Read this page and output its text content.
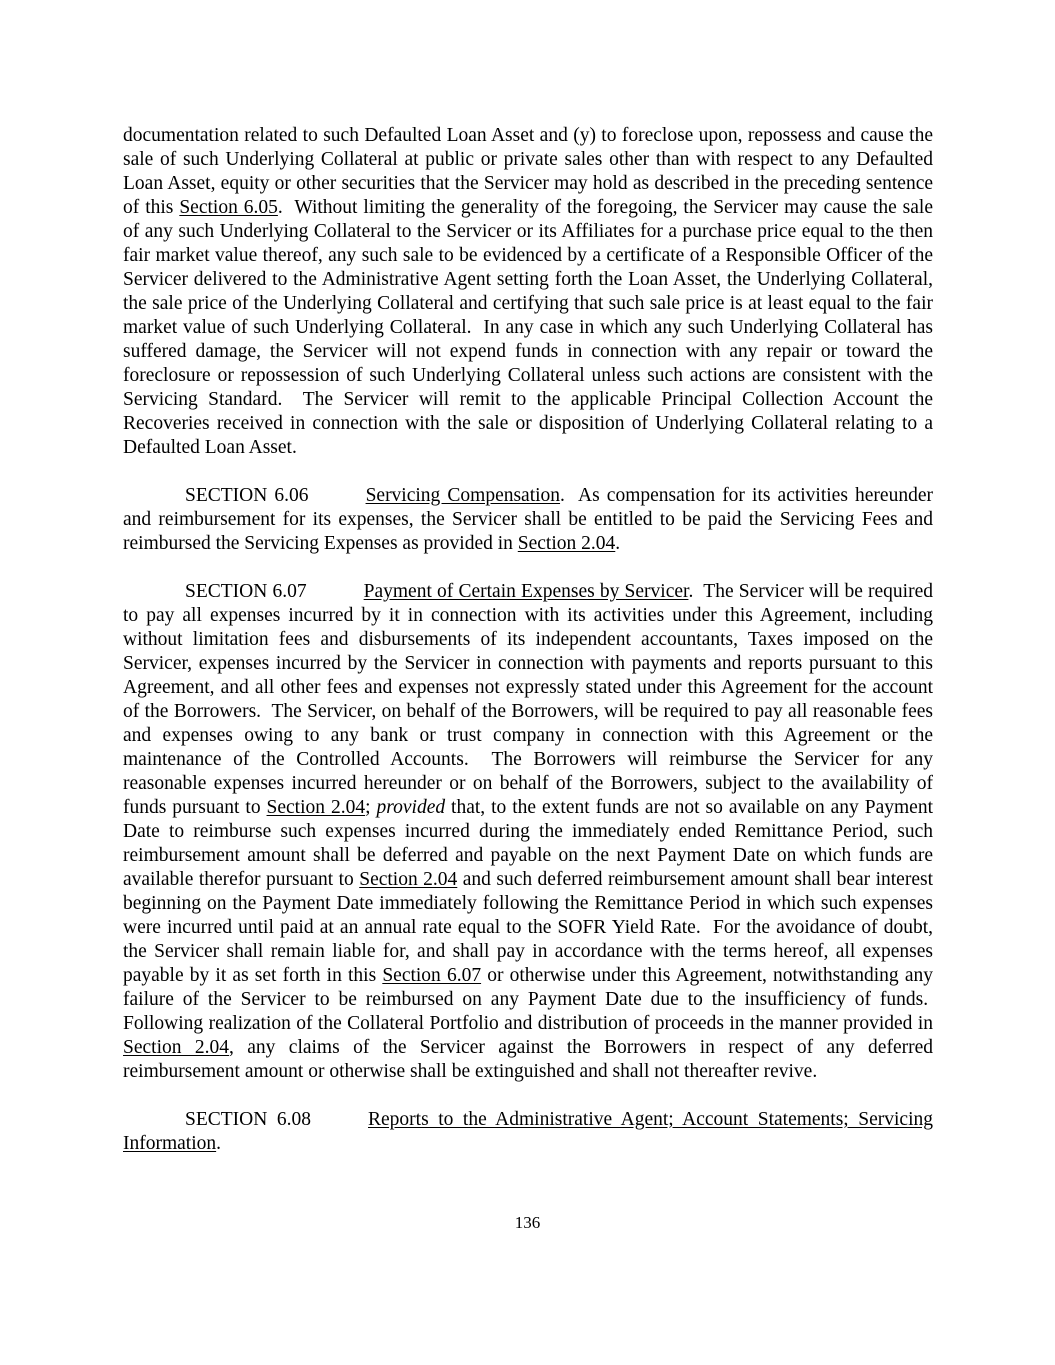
documentation related to such Defaulted Loan Asset and (y) to foreclose upon, repossess and cause the sale of such Underlying Collateral at public or private sales other than with respect to any Defaulted Loan Asset, equity or other securities that the Servicer may hold as described in the preceding sentence of this Section 6.05.  Without limiting the generality of the foregoing, the Servicer may cause the sale of any such Underlying Collateral to the Servicer or its Affiliates for a purchase price equal to the then fair market value thereof, any such sale to be evidenced by a certificate of a Responsible Officer of the Servicer delivered to the Administrative Agent setting forth the Loan Asset, the Underlying Collateral, the sale price of the Underlying Collateral and certifying that such sale price is at least equal to the fair market value of such Underlying Collateral.  In any case in which any such Underlying Collateral has suffered damage, the Servicer will not expend funds in connection with any repair or toward the foreclosure or repossession of such Underlying Collateral unless such actions are consistent with the Servicing Standard.  The Servicer will remit to the applicable Principal Collection Account the Recoveries received in connection with the sale or disposition of Underlying Collateral relating to a Defaulted Loan Asset.

SECTION 6.06	Servicing Compensation.  As compensation for its activities hereunder and reimbursement for its expenses, the Servicer shall be entitled to be paid the Servicing Fees and reimbursed the Servicing Expenses as provided in Section 2.04.

SECTION 6.07	Payment of Certain Expenses by Servicer.  The Servicer will be required to pay all expenses incurred by it in connection with its activities under this Agreement, including without limitation fees and disbursements of its independent accountants, Taxes imposed on the Servicer, expenses incurred by the Servicer in connection with payments and reports pursuant to this Agreement, and all other fees and expenses not expressly stated under this Agreement for the account of the Borrowers.  The Servicer, on behalf of the Borrowers, will be required to pay all reasonable fees and expenses owing to any bank or trust company in connection with this Agreement or the maintenance of the Controlled Accounts.  The Borrowers will reimburse the Servicer for any reasonable expenses incurred hereunder or on behalf of the Borrowers, subject to the availability of funds pursuant to Section 2.04; provided that, to the extent funds are not so available on any Payment Date to reimburse such expenses incurred during the immediately ended Remittance Period, such reimbursement amount shall be deferred and payable on the next Payment Date on which funds are available therefor pursuant to Section 2.04 and such deferred reimbursement amount shall bear interest beginning on the Payment Date immediately following the Remittance Period in which such expenses were incurred until paid at an annual rate equal to the SOFR Yield Rate.  For the avoidance of doubt, the Servicer shall remain liable for, and shall pay in accordance with the terms hereof, all expenses payable by it as set forth in this Section 6.07 or otherwise under this Agreement, notwithstanding any failure of the Servicer to be reimbursed on any Payment Date due to the insufficiency of funds.  Following realization of the Collateral Portfolio and distribution of proceeds in the manner provided in Section 2.04, any claims of the Servicer against the Borrowers in respect of any deferred reimbursement amount or otherwise shall be extinguished and shall not thereafter revive.

SECTION 6.08	Reports to the Administrative Agent; Account Statements; Servicing Information.

136
